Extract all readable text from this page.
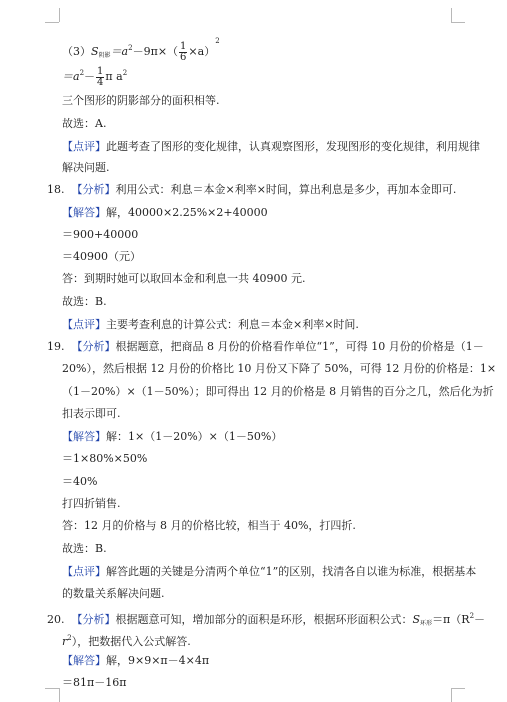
$(3)S_{阴影}=a^2-9\pi\times( \frac{1}{6} \times a)^2$
$=a^2- \frac{1}{4}$ π $a^2$
三个图形的阴影部分的面积相等.
故选：A.
【点评】此题考查了图形的变化规律，认真观察图形，发现图形的变化规律，利用规律
解决问题.
18. 【分析】利用公式：利息＝本金×利率×时间，算出利息是多少，再加本金即可.
【解答】解，40000×2.25%×2+40000
＝900+40000
＝40900（元）
答：到期时她可以取回本金和利息一共 40900 元.
故选：B.
【点评】主要考查利息的计算公式：利息＝本金×利率×时间.
19. 【分析】根据题意，把商品 8 月份的价格看作单位“1”，可得 10 月份的价格是（1－
20%），然后根据 12 月份的价格比 10 月份又下降了 50%，可得 12 月份的价格是：1×
（1－20%）×（1－50%）；即可得出 12 月的价格是 8 月销售的百分之几，然后化为折
扣表示即可.
【解答】解：1×（1－20%）×（1－50%）
＝1×80%×50%
＝40%
打四折销售.
答：12 月的价格与 8 月的价格比较，相当于 40%，打四折.
故选：B.
【点评】解答此题的关键是分清两个单位“1”的区别，找清各自以谁为标准，根据基本
的数量关系解决问题.
20. 【分析】根据题意可知，增加部分的面积是环形，根据环形面积公式：$S_{环形}=\pi(R^2-$
$r^2$），把数据代入公式解答.
【解答】解，9×9×π－4×4π
＝81π－16π
